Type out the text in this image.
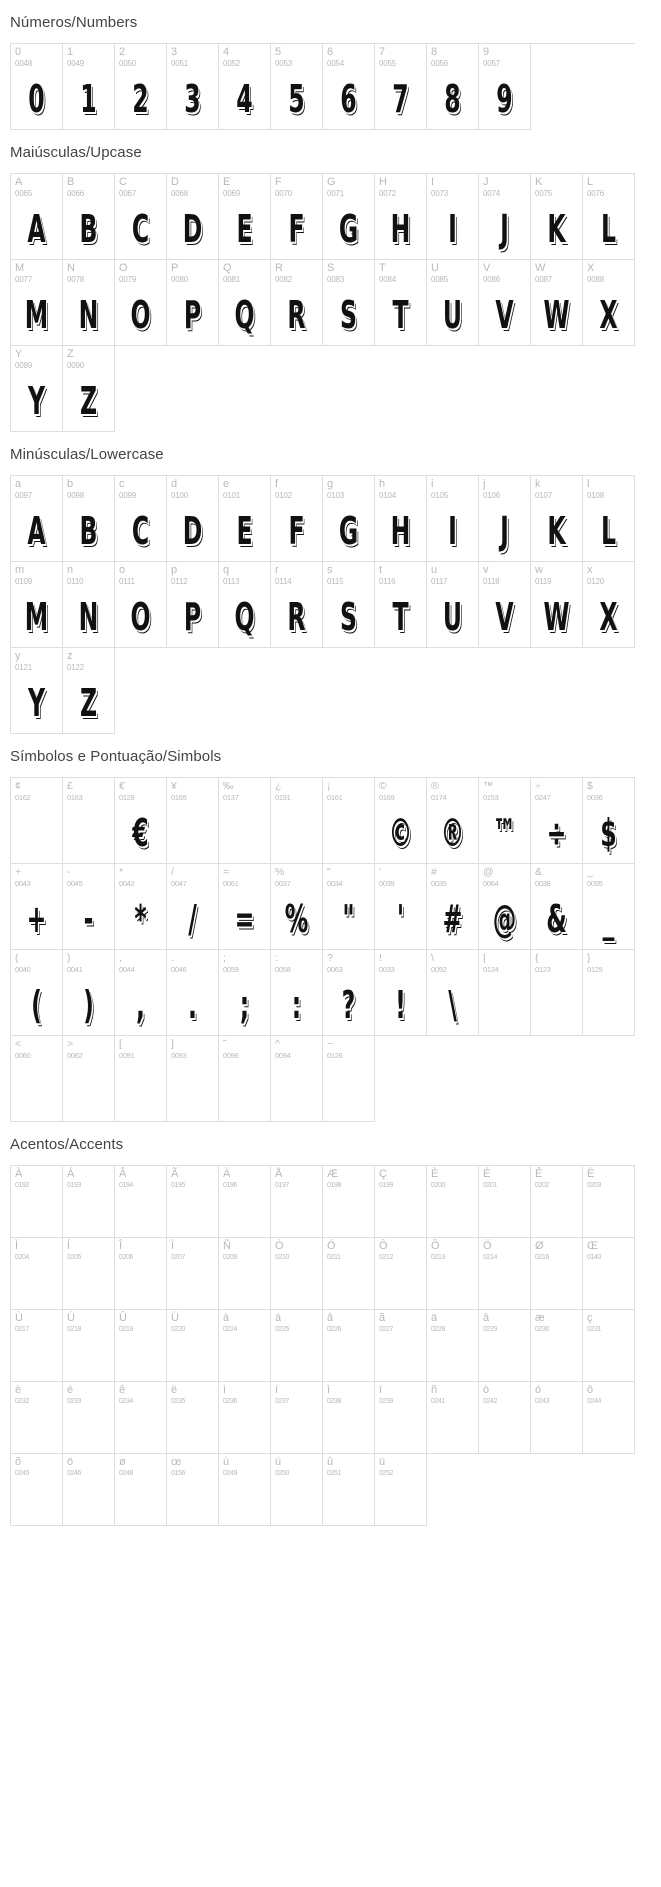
Números/Numbers
0
0048
0
1
0049
1
2
0050
2
3
0051
3
4
0052
4
5
0053
5
6
0054
6
7
0055
7
8
0056
8
9
0057
9
Maiúsculas/Upcase
A
0065
A
B
0066
B
C
0067
C
D
0068
D
E
0069
E
F
0070
F
G
0071
G
H
0072
H
I
0073
I
J
0074
J
K
0075
K
L
0076
L
M
0077
M
N
0078
N
O
0079
O
P
0080
P
Q
0081
Q
R
0082
R
S
0083
S
T
0084
T
U
0085
U
V
0086
V
W
0087
W
X
0088
X
Y
0089
Y
Z
0090
Z
Minúsculas/Lowercase
a
0097
A
b
0098
B
c
0099
C
d
0100
D
e
0101
E
f
0102
F
g
0103
G
h
0104
H
i
0105
I
j
0106
J
k
0107
K
l
0108
L
m
0109
M
n
0110
N
o
0111
O
p
0112
P
q
0113
Q
r
0114
R
s
0115
S
t
0116
T
u
0117
U
v
0118
V
w
0119
W
x
0120
X
y
0121
Y
z
0122
Z
Símbolos e Pontuação/Simbols
¢
0162
£
0163
€
0128
€
¥
0165
‰
0137
¿
0191
¡
0161
©
0169
©
®
0174
®
™
0153
™
÷
0247
÷
$
0036
$
+
0043
+
-
0045
-
*
0042
*
/
0047
/
=
0061
=
%
0037
%
"
0034
"
'
0039
'
#
0035
#
@
0064
@
&
0038
&
_
0095
_
(
0040
(
)
0041
)
,
0044
,
.
0046
.
;
0059
;
:
0058
:
?
0063
?
!
0033
!
\
0092
\
|
0124
{
0123
}
0125
<
0060
>
0062
[
0091
]
0093
˜
0096
^
0094
~
0126
Acentos/Accents
À
0192
Á
0193
Â
0194
Ã
0195
Ä
0196
Å
0197
Æ
0198
Ç
0199
È
0200
É
0201
Ê
0202
Ë
0203
Ì
0204
Í
0205
Î
0206
Ï
0207
Ñ
0209
Ò
0210
Ó
0211
Ô
0212
Õ
0213
Ö
0214
Ø
0216
Œ
0140
Ù
0217
Ú
0218
Û
0219
Ü
0220
à
0224
á
0225
â
0226
ã
0227
ä
0228
â
0229
æ
0230
ç
0231
è
0232
é
0233
ê
0234
ë
0235
ì
0236
í
0237
î
0238
ï
0239
ñ
0241
ò
0242
ó
0243
ô
0244
õ
0245
ö
0246
ø
0248
œ
0156
ù
0249
ú
0250
û
0251
ü
0252
